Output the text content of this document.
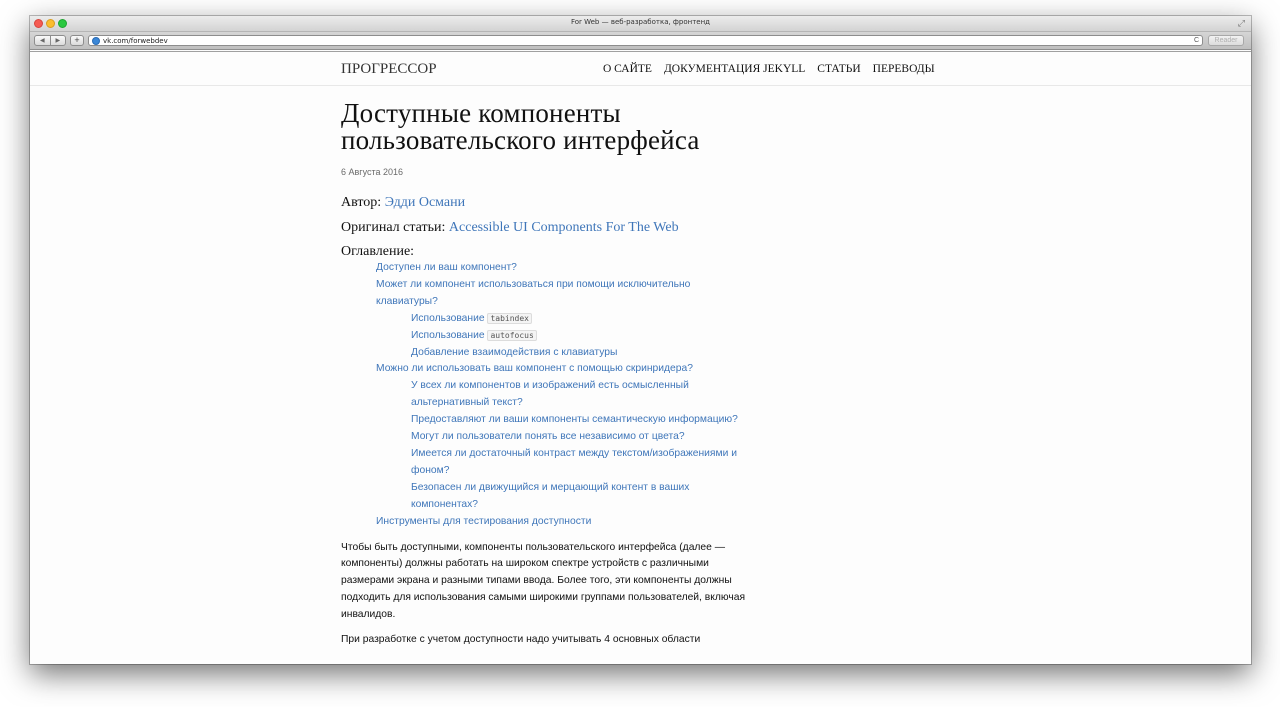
For Web — веб-разработка, фронтенд	⤢
◀	▶	+	vk.com/forwebdev	C	Reader
ПРОГРЕССОР	О САЙТЕ ДОКУМЕНТАЦИЯ JEKYLL СТАТЬИ ПЕРЕВОДЫ
Доступные компоненты
пользовательского интерфейса
6 Августа 2016
Автор: Эдди Османи
Оригинал статьи: Accessible UI Components For The Web
Оглавление:
Доступен ли ваш компонент?
Может ли компонент использоваться при помощи исключительно
клавиатуры?
Использование tabindex
Использование autofocus
Добавление взаимодействия с клавиатуры
Можно ли использовать ваш компонент с помощью скринридера?
У всех ли компонентов и изображений есть осмысленный
альтернативный текст?
Предоставляют ли ваши компоненты семантическую информацию?
Могут ли пользователи понять все независимо от цвета?
Имеется ли достаточный контраст между текстом/изображениями и
фоном?
Безопасен ли движущийся и мерцающий контент в ваших
компонентах?
Инструменты для тестирования доступности
Чтобы быть доступными, компоненты пользовательского интерфейса (далее —
компоненты) должны работать на широком спектре устройств с различными
размерами экрана и разными типами ввода. Более того, эти компоненты должны
подходить для использования самыми широкими группами пользователей, включая
инвалидов.
При разработке с учетом доступности надо учитывать 4 основных области
